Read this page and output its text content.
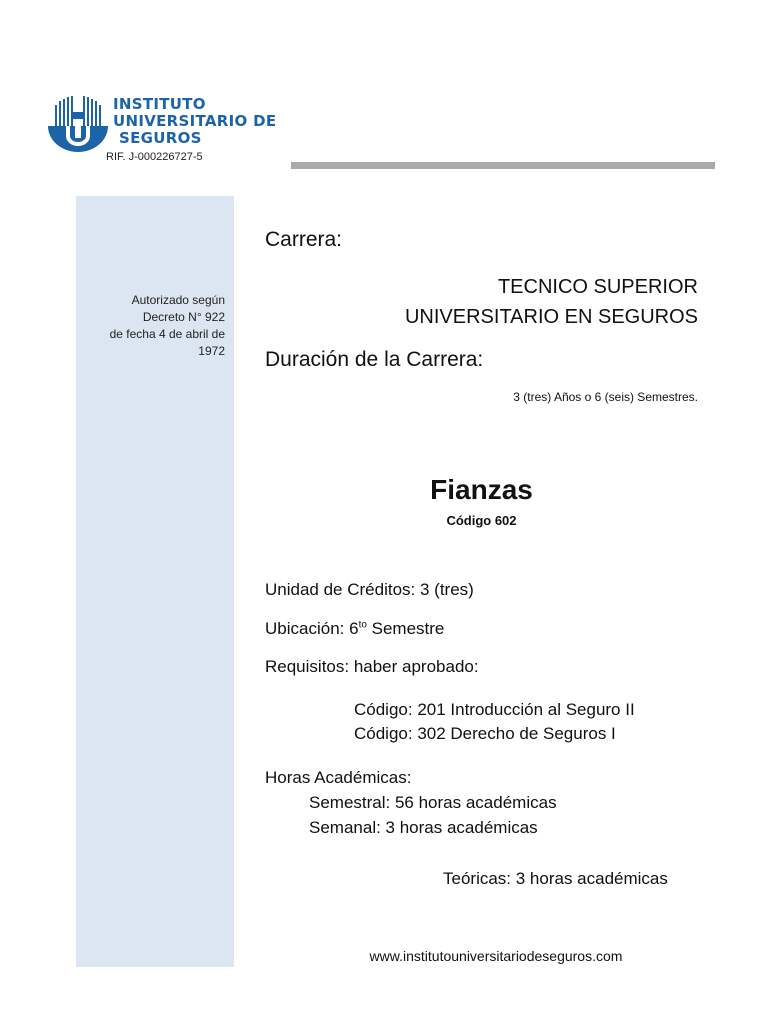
INSTITUTO
UNIVERSITARIO DE
SEGUROS
RIF. J-000226727-5
Autorizado según
Decreto N° 922
de fecha 4 de abril de
1972
Carrera:
TECNICO SUPERIOR
UNIVERSITARIO EN SEGUROS
Duración de la Carrera:
3 (tres) Años o 6 (seis) Semestres.
Fianzas
Código 602
Unidad de Créditos: 3 (tres)
Ubicación: $6^{to}$ Semestre
Requisitos: haber aprobado:
Código: 201 Introducción al Seguro II
Código: 302 Derecho de Seguros I
Horas Académicas:
Semestral: 56 horas académicas
Semanal: 3 horas académicas
Teóricas: 3 horas académicas
www.institutouniversitariodeseguros.com
